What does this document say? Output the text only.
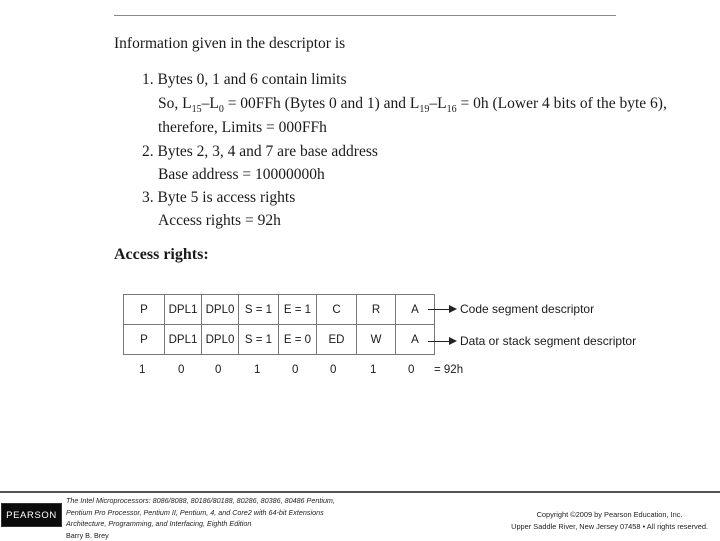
Information given in the descriptor is
1. Bytes 0, 1 and 6 contain limits
So, $L_{15}-L_0 = 00FFh$ (Bytes 0 and 1) and $L_{19}-L_{16} = 0h$ (Lower 4 bits of the byte 6),
therefore, Limits = 000FFh
2. Bytes 2, 3, 4 and 7 are base address
Base address = 10000000h
3. Byte 5 is access rights
Access rights = 92h
Access rights:
P	DPL1	DPL0	S = 1	E = 1	C	R	A
P	DPL1	DPL0	S = 1	E = 0	ED	W	A
1	0	0	1	0	0	1	0 = 92h
Code segment descriptor
Data or stack segment descriptor
PEARSON
The Intel Microprocessors: 8086/8088, 80186/80188, 80286, 80386, 80486 Pentium,
Pentium Pro Processor, Pentium II, Pentium, 4, and Core2 with 64-bit Extensions
Architecture, Programming, and Interfacing, Eighth Edition
Barry B. Brey
Copyright ©2009 by Pearson Education, Inc.
Upper Saddle River, New Jersey 07458 • All rights reserved.
